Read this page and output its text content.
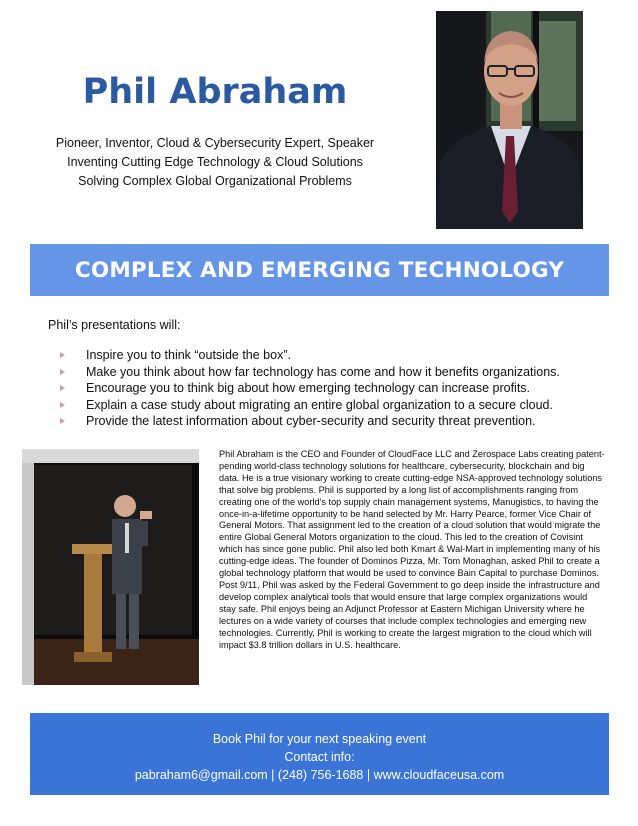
Phil Abraham
Pioneer, Inventor, Cloud & Cybersecurity Expert, Speaker
Inventing Cutting Edge Technology & Cloud Solutions
Solving Complex Global Organizational Problems
COMPLEX AND EMERGING TECHNOLOGY
Phil’s presentations will:
Inspire you to think “outside the box”.
Make you think about how far technology has come and how it benefits organizations.
Encourage you to think big about how emerging technology can increase profits.
Explain a case study about migrating an entire global organization to a secure cloud.
Provide the latest information about cyber-security and security threat prevention.

Phil Abraham is the CEO and Founder of CloudFace LLC and Zerospace Labs creating patent-pending world-class technology solutions for healthcare, cybersecurity, blockchain and big data. He is a true visionary working to create cutting-edge NSA-approved technology solutions that solve big problems. Phil is supported by a long list of accomplishments ranging from creating one of the world's top supply chain management systems, Manugistics, to having the once-in-a-lifetime opportunity to be hand selected by Mr. Harry Pearce, former Vice Chair of General Motors. That assignment led to the creation of a cloud solution that would migrate the entire Global General Motors organization to the cloud. This led to the creation of Covisint which has since gone public. Phil also led both Kmart & Wal-Mart in implementing many of his cutting-edge ideas. The founder of Dominos Pizza, Mr. Tom Monaghan, asked Phil to create a global technology platform that would be used to convince Bain Capital to purchase Dominos. Post 9/11, Phil was asked by the Federal Government to go deep inside the infrastructure and develop complex analytical tools that would ensure that large complex organizations would stay safe. Phil enjoys being an Adjunct Professor at Eastern Michigan University where he lectures on a wide variety of courses that include complex technologies and emerging new technologies. Currently, Phil is working to create the largest migration to the cloud which will impact $3.8 trillion dollars in U.S. healthcare.

Book Phil for your next speaking event
Contact info:
pabraham6@gmail.com | (248) 756-1688 | www.cloudfaceusa.com
